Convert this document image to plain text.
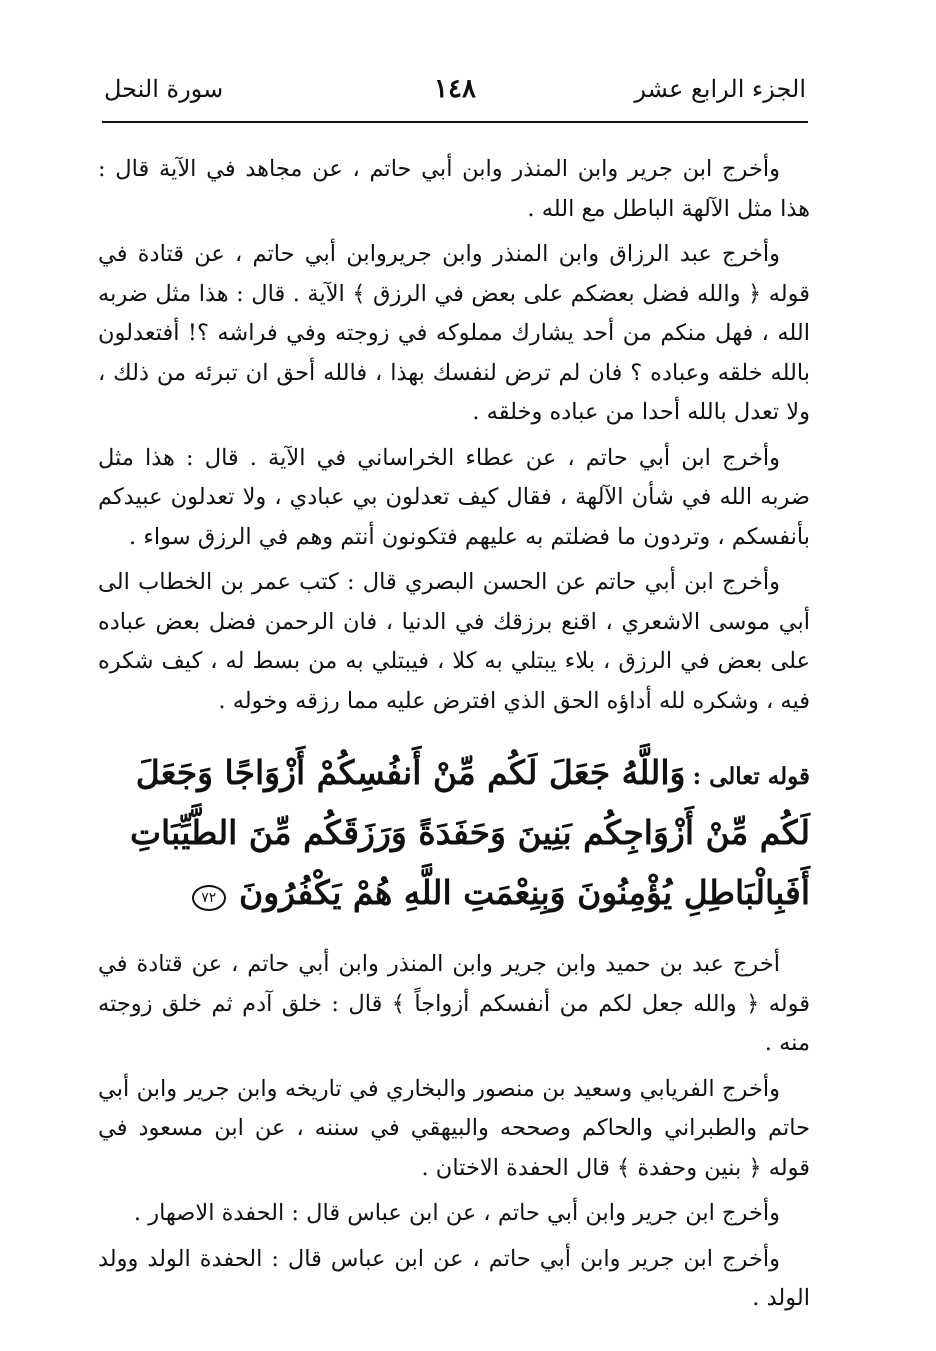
الجزء الرابع عشر
١٤٨
سورة النحل

وأخرج ابن جرير وابن المنذر وابن أبي حاتم ، عن مجاهد في الآية قال : هذا مثل الآلهة الباطل مع الله .

وأخرج عبد الرزاق وابن المنذر وابن جريروابن أبي حاتم ، عن قتادة في قوله ﴿ والله فضل بعضكم على بعض في الرزق ﴾ الآية . قال : هذا مثل ضربه الله ، فهل منكم من أحد يشارك مملوكه في زوجته وفي فراشه ؟! أفتعدلون بالله خلقه وعباده ؟ فان لم ترض لنفسك بهذا ، فالله أحق ان تبرئه من ذلك ، ولا تعدل بالله أحدا من عباده وخلقه .

وأخرج ابن أبي حاتم ، عن عطاء الخراساني في الآية . قال : هذا مثل ضربه الله في شأن الآلهة ، فقال كيف تعدلون بي عبادي ، ولا تعدلون عبيدكم بأنفسكم ، وتردون ما فضلتم به عليهم فتكونون أنتم وهم في الرزق سواء .

وأخرج ابن أبي حاتم عن الحسن البصري قال : كتب عمر بن الخطاب الى أبي موسى الاشعري ، اقنع برزقك في الدنيا ، فان الرحمن فضل بعض عباده على بعض في الرزق ، بلاء يبتلي به كلا ، فيبتلي به من بسط له ، كيف شكره فيه ، وشكره لله أداؤه الحق الذي افترض عليه مما رزقه وخوله .

قوله تعالى : وَاللَّهُ جَعَلَ لَكُم مِّنْ أَنفُسِكُمْ أَزْوَاجًا وَجَعَلَ لَكُم مِّنْ أَزْوَاجِكُم بَنِينَ وَحَفَدَةً وَرَزَقَكُم مِّنَ الطَّيِّبَاتِ أَفَبِالْبَاطِلِ يُؤْمِنُونَ وَبِنِعْمَتِ اللَّهِ هُمْ يَكْفُرُونَ ٧٢

أخرج عبد بن حميد وابن جرير وابن المنذر وابن أبي حاتم ، عن قتادة في قوله ﴿ والله جعل لكم من أنفسكم أزواجاً ﴾ قال : خلق آدم ثم خلق زوجته منه .

وأخرج الفريابي وسعيد بن منصور والبخاري في تاريخه وابن جرير وابن أبي حاتم والطبراني والحاكم وصححه والبيهقي في سننه ، عن ابن مسعود في قوله ﴿ بنين وحفدة ﴾ قال الحفدة الاختان .

وأخرج ابن جرير وابن أبي حاتم ، عن ابن عباس قال : الحفدة الاصهار .

وأخرج ابن جرير وابن أبي حاتم ، عن ابن عباس قال : الحفدة الولد وولد الولد .
